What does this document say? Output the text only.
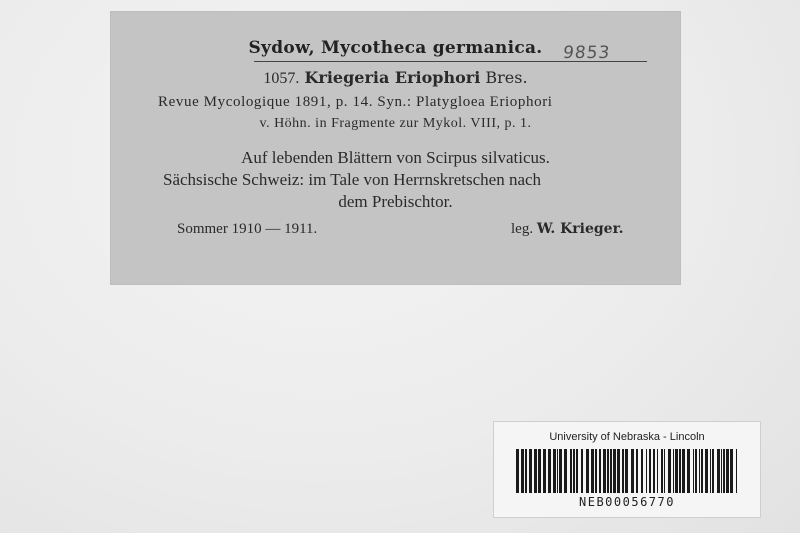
Sydow, Mycotheca germanica.	9853
1057. Kriegeria Eriophori Bres.
Revue Mycologique 1891, p. 14. Syn.: Platygloea Eriophori
v. Höhn. in Fragmente zur Mykol. VIII, p. 1.
Auf lebenden Blättern von Scirpus silvaticus.
Sächsische Schweiz: im Tale von Herrnskretschen nach
dem Prebischtor.
Sommer 1910 — 1911.	leg. W. Krieger.
University of Nebraska - Lincoln
NEB00056770
